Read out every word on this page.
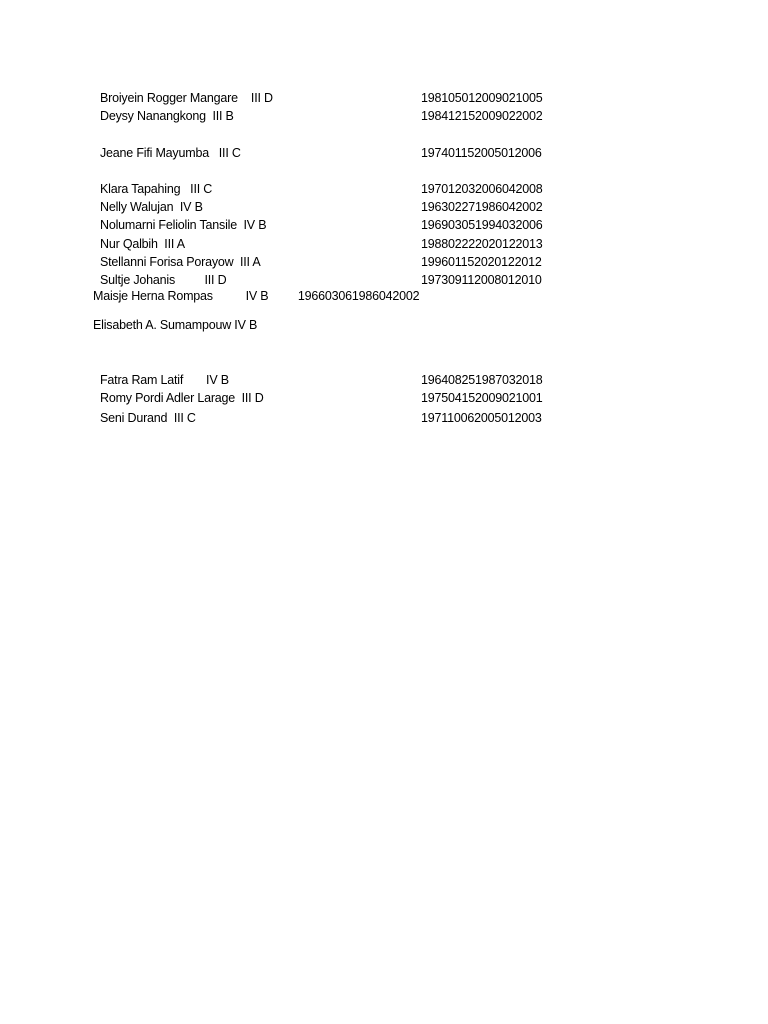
Broiyein Rogger Mangare    III D	198105012009021005
Deysy Nanangkong  III B	198412152009022002
Jeane Fifi Mayumba   III C	197401152005012006
Klara Tapahing   III C	197012032006042008
Nelly Walujan  IV B	196302271986042002
Nolumarni Feliolin Tansile  IV B	196903051994032006
Nur Qalbih  III A	198802222020122013
Stellanni Forisa Porayow  III A	199601152020122012
Sultje Johanis         III D	197309112008012010
Maisje Herna Rompas          IV B         196603061986042002
Elisabeth A. Sumampouw IV B
Fatra Ram Latif       IV B	196408251987032018
Romy Pordi Adler Larage  III D	197504152009021001
Seni Durand  III C	197110062005012003
